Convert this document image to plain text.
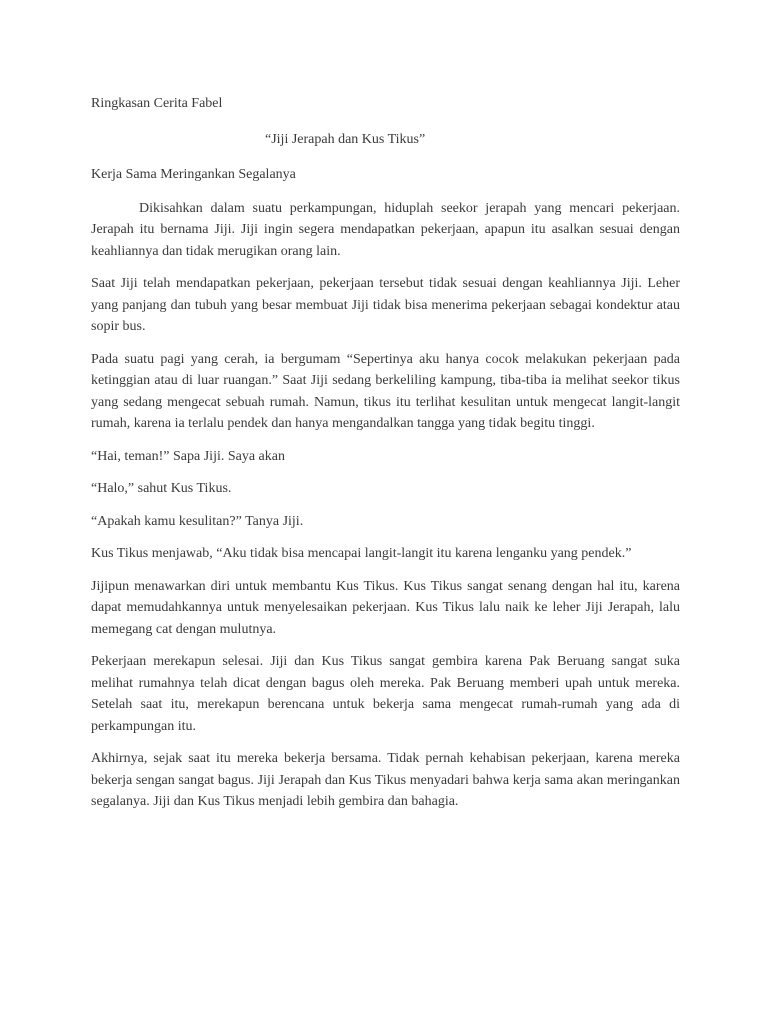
Ringkasan Cerita Fabel

“Jiji Jerapah dan Kus Tikus”

Kerja Sama Meringankan Segalanya

Dikisahkan dalam suatu perkampungan, hiduplah seekor jerapah yang mencari pekerjaan. Jerapah itu bernama Jiji. Jiji ingin segera mendapatkan pekerjaan, apapun itu asalkan sesuai dengan keahliannya dan tidak merugikan orang lain.

Saat Jiji telah mendapatkan pekerjaan, pekerjaan tersebut tidak sesuai dengan keahliannya Jiji. Leher yang panjang dan tubuh yang besar membuat Jiji tidak bisa menerima pekerjaan sebagai kondektur atau sopir bus.

Pada suatu pagi yang cerah, ia bergumam “Sepertinya aku hanya cocok melakukan pekerjaan pada ketinggian atau di luar ruangan.” Saat Jiji sedang berkeliling kampung, tiba-tiba ia melihat seekor tikus yang sedang mengecat sebuah rumah. Namun, tikus itu terlihat kesulitan untuk mengecat langit-langit rumah, karena ia terlalu pendek dan hanya mengandalkan tangga yang tidak begitu tinggi.

“Hai, teman!” Sapa Jiji. Saya akan

“Halo,” sahut Kus Tikus.

“Apakah kamu kesulitan?” Tanya Jiji.

Kus Tikus menjawab, “Aku tidak bisa mencapai langit-langit itu karena lenganku yang pendek.”

Jijipun menawarkan diri untuk membantu Kus Tikus. Kus Tikus sangat senang dengan hal itu, karena dapat memudahkannya untuk menyelesaikan pekerjaan. Kus Tikus lalu naik ke leher Jiji Jerapah, lalu memegang cat dengan mulutnya.

Pekerjaan merekapun selesai. Jiji dan Kus Tikus sangat gembira karena Pak Beruang sangat suka melihat rumahnya telah dicat dengan bagus oleh mereka. Pak Beruang memberi upah untuk mereka. Setelah saat itu, merekapun berencana untuk bekerja sama mengecat rumah-rumah yang ada di perkampungan itu.

Akhirnya, sejak saat itu mereka bekerja bersama. Tidak pernah kehabisan pekerjaan, karena mereka bekerja sengan sangat bagus. Jiji Jerapah dan Kus Tikus menyadari bahwa kerja sama akan meringankan segalanya. Jiji dan Kus Tikus menjadi lebih gembira dan bahagia.
